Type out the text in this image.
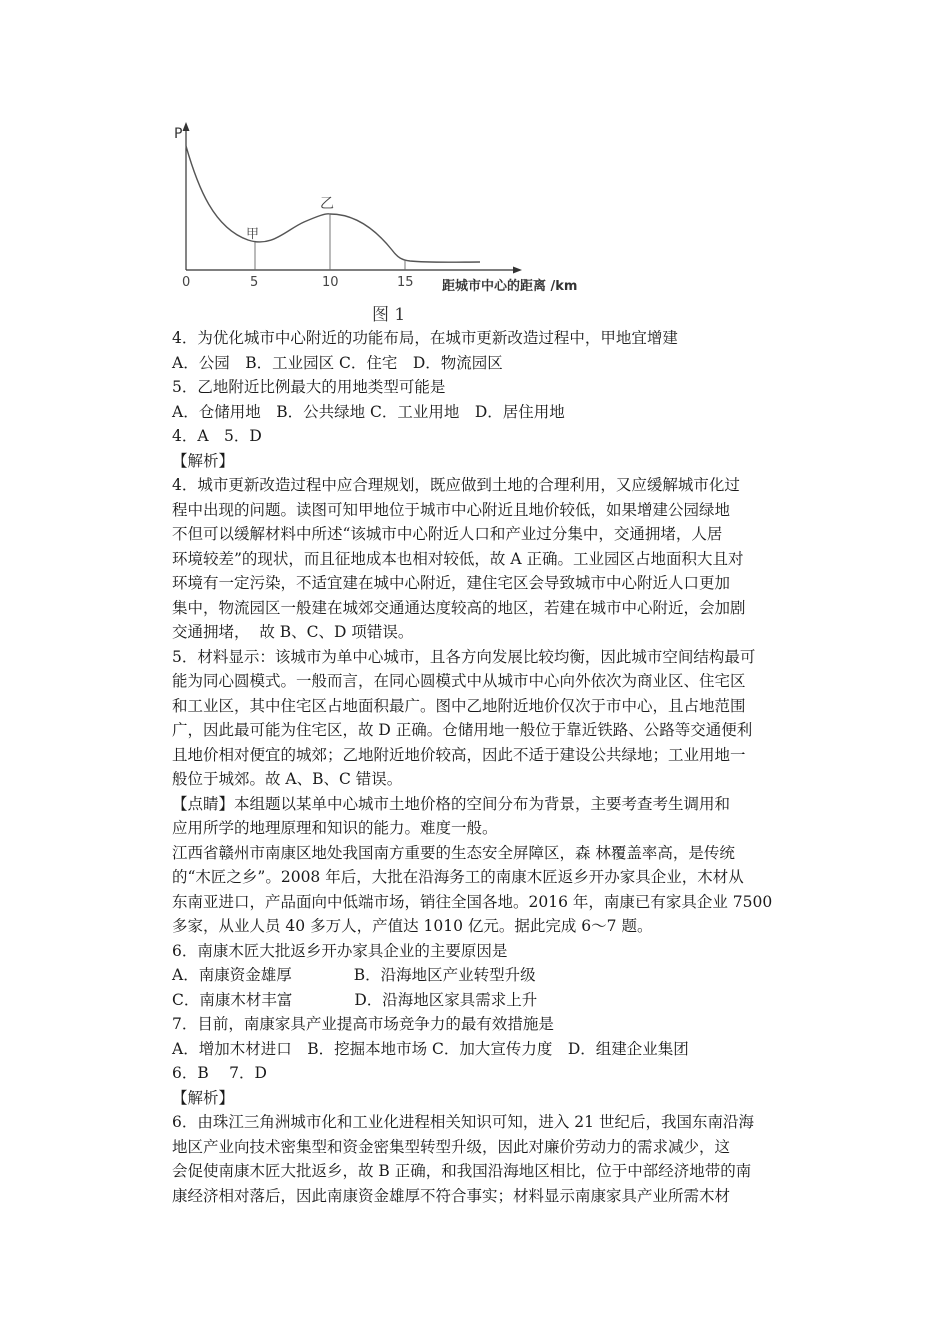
P
0	5	10	15
甲
乙
距城市中心的距离 /km
图 1
4．为优化城市中心附近的功能布局，在城市更新改造过程中，甲地宜增建
A．公园　B．工业园区 C．住宅　D．物流园区
5．乙地附近比例最大的用地类型可能是
A．仓储用地　B．公共绿地 C．工业用地　D．居住用地
4．A　5．D
【解析】
4．城市更新改造过程中应合理规划，既应做到土地的合理利用，又应缓解城市化过
程中出现的问题。读图可知甲地位于城市中心附近且地价较低，如果增建公园绿地
不但可以缓解材料中所述“该城市中心附近人口和产业过分集中，交通拥堵，人居
环境较差”的现状，而且征地成本也相对较低，故 A 正确。工业园区占地面积大且对
环境有一定污染，不适宜建在城中心附近，建住宅区会导致城市中心附近人口更加
集中，物流园区一般建在城郊交通通达度较高的地区，若建在城市中心附近，会加剧
交通拥堵，  故 B、C、D 项错误。
5．材料显示：该城市为单中心城市，且各方向发展比较均衡，因此城市空间结构最可
能为同心圆模式。一般而言，在同心圆模式中从城市中心向外依次为商业区、住宅区
和工业区，其中住宅区占地面积最广。图中乙地附近地价仅次于市中心，且占地范围
广，因此最可能为住宅区，故 D 正确。仓储用地一般位于靠近铁路、公路等交通便利
且地价相对便宜的城郊；乙地附近地价较高，因此不适于建设公共绿地；工业用地一
般位于城郊。故 A、B、C 错误。
【点睛】本组题以某单中心城市土地价格的空间分布为背景，主要考查考生调用和
应用所学的地理原理和知识的能力。难度一般。
江西省赣州市南康区地处我国南方重要的生态安全屏障区，森 林覆盖率高，是传统
的“木匠之乡”。2008 年后，大批在沿海务工的南康木匠返乡开办家具企业，木材从
东南亚进口，产品面向中低端市场，销往全国各地。2016 年，南康已有家具企业 7500
多家，从业人员 40 多万人，产值达 1010 亿元。据此完成 6～7 题。
6．南康木匠大批返乡开办家具企业的主要原因是
A．南康资金雄厚　　　　B．沿海地区产业转型升级
C．南康木材丰富　　　　D．沿海地区家具需求上升
7．目前，南康家具产业提高市场竞争力的最有效措施是
A．增加木材进口　B．挖掘本地市场 C．加大宣传力度　D．组建企业集团
6．B　 7．D
【解析】
6．由珠江三角洲城市化和工业化进程相关知识可知，进入 21 世纪后，我国东南沿海
地区产业向技术密集型和资金密集型转型升级，因此对廉价劳动力的需求减少，这
会促使南康木匠大批返乡，故 B 正确，和我国沿海地区相比，位于中部经济地带的南
康经济相对落后，因此南康资金雄厚不符合事实；材料显示南康家具产业所需木材
